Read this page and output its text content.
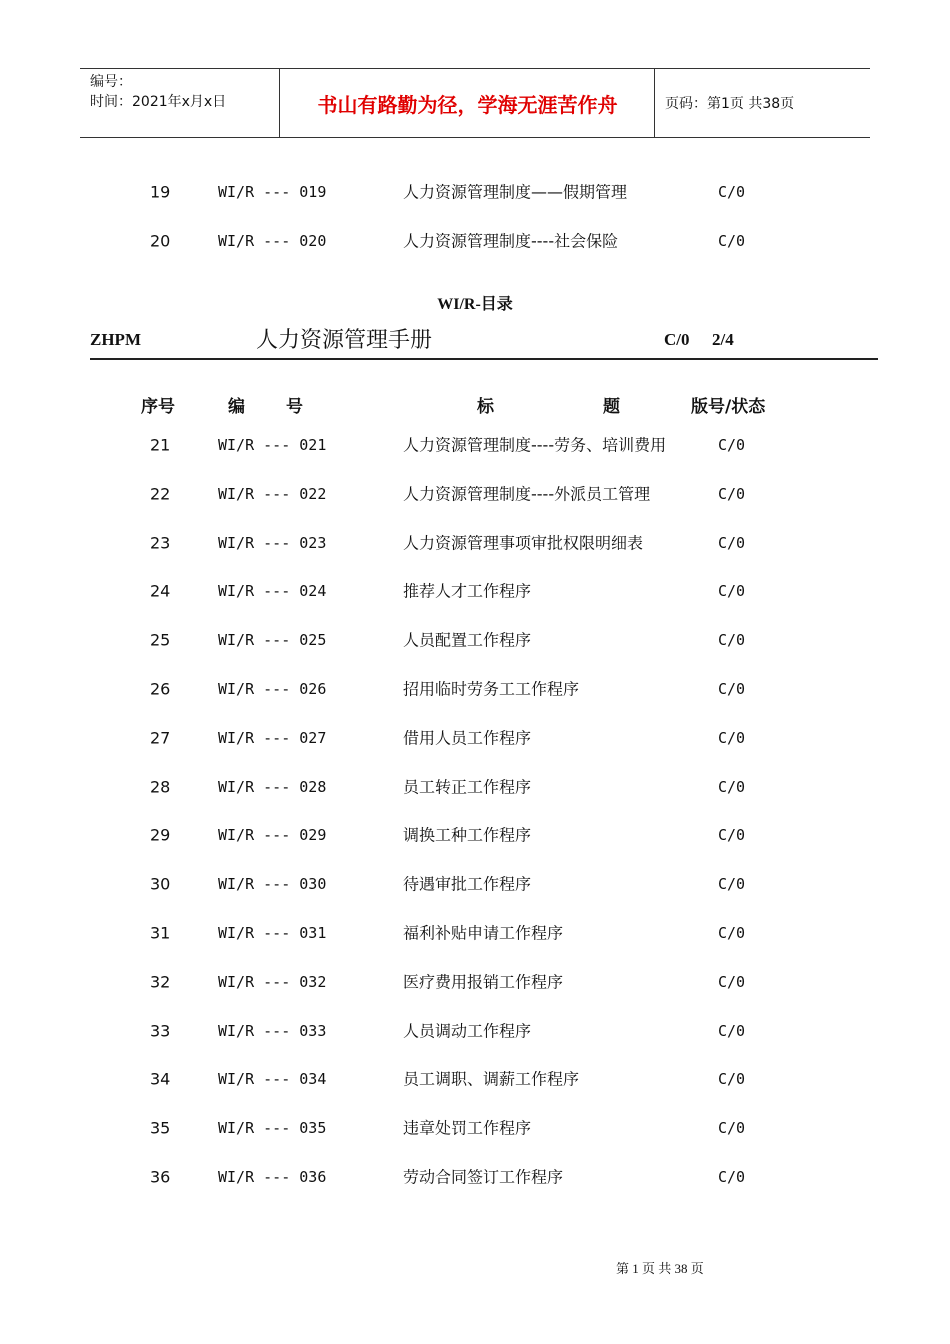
编号：
时间：2021年x月x日	书山有路勤为径，学海无涯苦作舟	页码：第1页 共38页
19	WI/R --- 019	人力资源管理制度——假期管理	C/0
20	WI/R --- 020	人力资源管理制度----社会保险	C/0
WI/R-目录
ZHPM	人力资源管理手册	C/0 2/4
序号	编 号	标	题	版号/状态
21	WI/R --- 021	人力资源管理制度----劳务、培训费用	C/0
22	WI/R --- 022	人力资源管理制度----外派员工管理	C/0
23	WI/R --- 023	人力资源管理事项审批权限明细表	C/0
24	WI/R --- 024	推荐人才工作程序	C/0
25	WI/R --- 025	人员配置工作程序	C/0
26	WI/R --- 026	招用临时劳务工工作程序	C/0
27	WI/R --- 027	借用人员工作程序	C/0
28	WI/R --- 028	员工转正工作程序	C/0
29	WI/R --- 029	调换工种工作程序	C/0
30	WI/R --- 030	待遇审批工作程序	C/0
31	WI/R --- 031	福利补贴申请工作程序	C/0
32	WI/R --- 032	医疗费用报销工作程序	C/0
33	WI/R --- 033	人员调动工作程序	C/0
34	WI/R --- 034	员工调职、调薪工作程序	C/0
35	WI/R --- 035	违章处罚工作程序	C/0
36	WI/R --- 036	劳动合同签订工作程序	C/0
第 1 页 共 38 页
